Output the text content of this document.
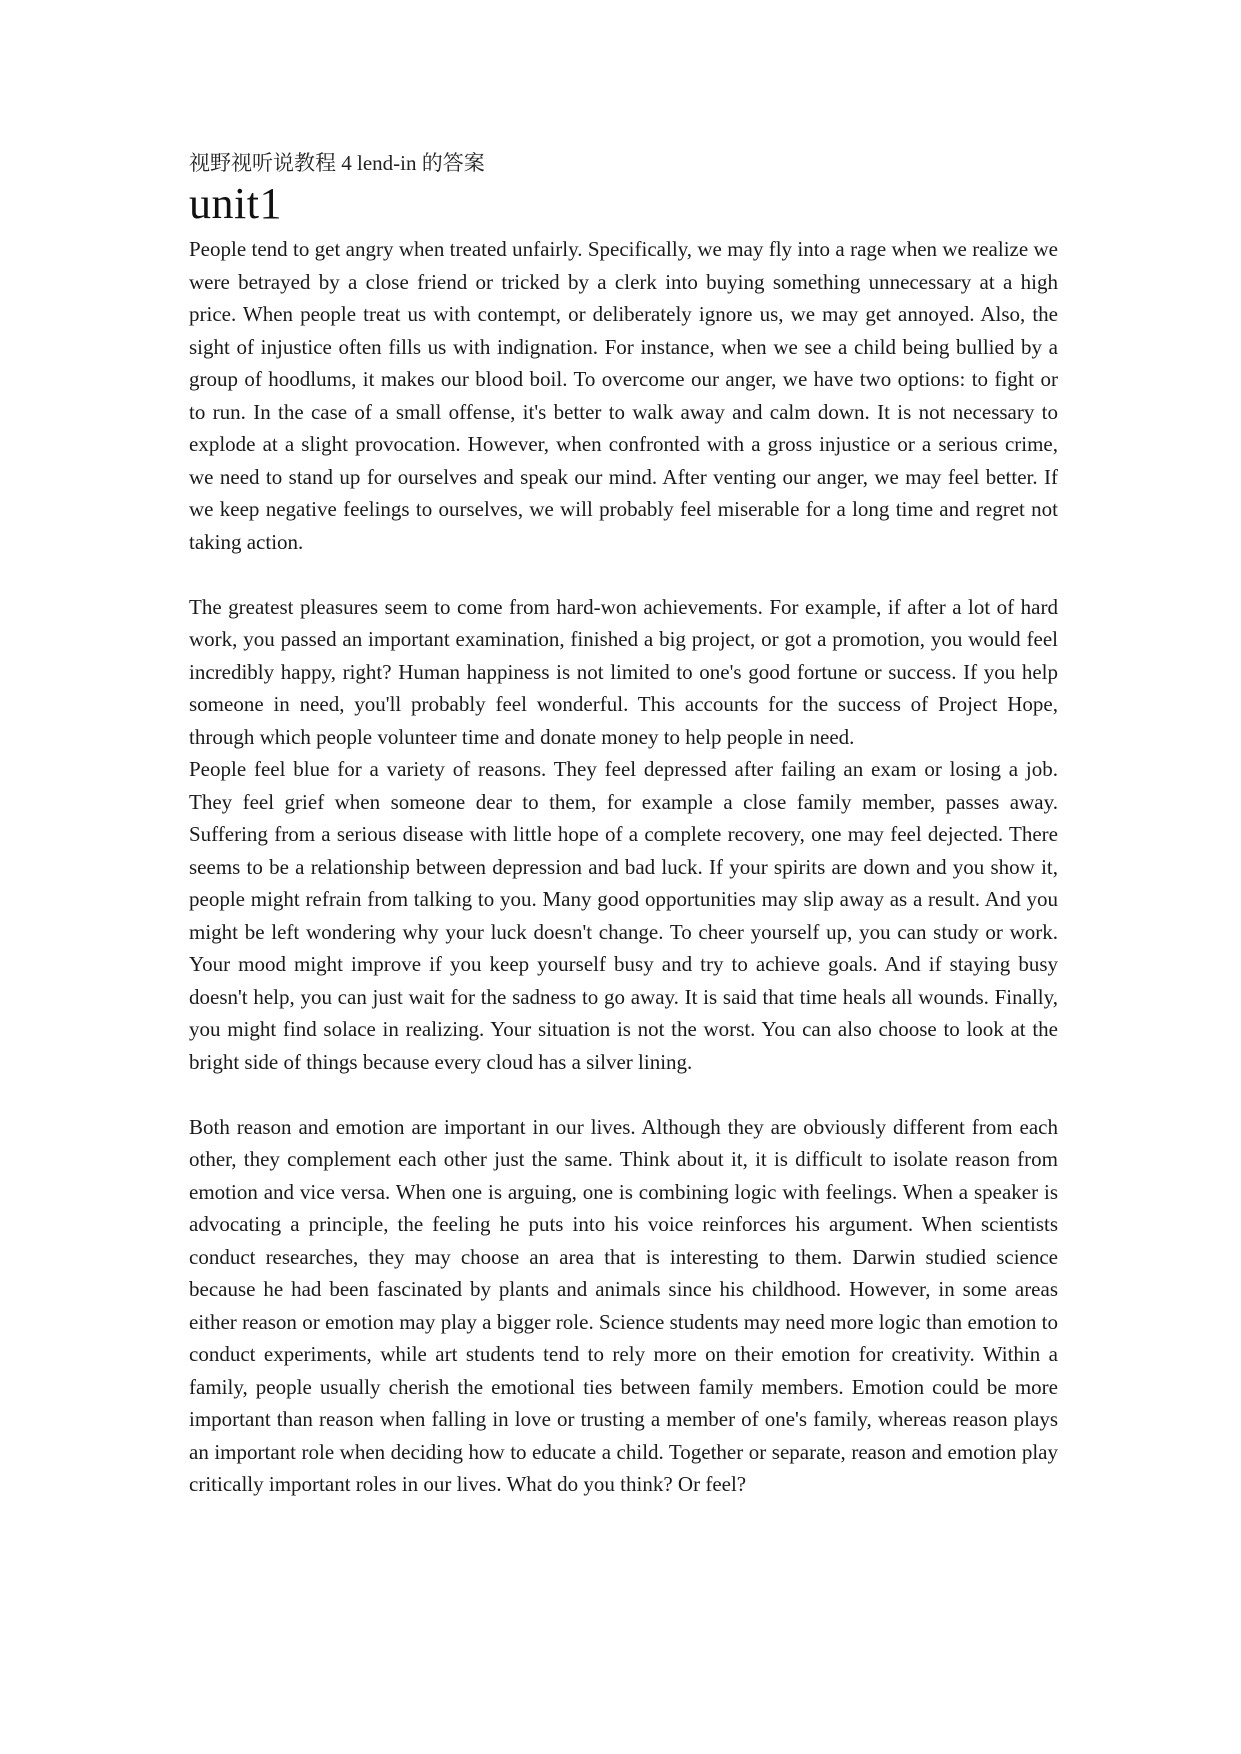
视野视听说教程 4 lend-in 的答案

unit1

People tend to get angry when treated unfairly. Specifically, we may fly into a rage when we realize we were betrayed by a close friend or tricked by a clerk into buying something unnecessary at a high price. When people treat us with contempt, or deliberately ignore us, we may get annoyed. Also, the sight of injustice often fills us with indignation. For instance, when we see a child being bullied by a group of hoodlums, it makes our blood boil. To overcome our anger, we have two options: to fight or to run. In the case of a small offense, it's better to walk away and calm down. It is not necessary to explode at a slight provocation. However, when confronted with a gross injustice or a serious crime, we need to stand up for ourselves and speak our mind. After venting our anger, we may feel better. If we keep negative feelings to ourselves, we will probably feel miserable for a long time and regret not taking action.

The greatest pleasures seem to come from hard-won achievements. For example, if after a lot of hard work, you passed an important examination, finished a big project, or got a promotion, you would feel incredibly happy, right? Human happiness is not limited to one's good fortune or success. If you help someone in need, you'll probably feel wonderful. This accounts for the success of Project Hope, through which people volunteer time and donate money to help people in need.

People feel blue for a variety of reasons. They feel depressed after failing an exam or losing a job. They feel grief when someone dear to them, for example a close family member, passes away. Suffering from a serious disease with little hope of a complete recovery, one may feel dejected. There seems to be a relationship between depression and bad luck. If your spirits are down and you show it, people might refrain from talking to you. Many good opportunities may slip away as a result. And you might be left wondering why your luck doesn't change. To cheer yourself up, you can study or work. Your mood might improve if you keep yourself busy and try to achieve goals. And if staying busy doesn't help, you can just wait for the sadness to go away. It is said that time heals all wounds. Finally, you might find solace in realizing. Your situation is not the worst. You can also choose to look at the bright side of things because every cloud has a silver lining.

Both reason and emotion are important in our lives. Although they are obviously different from each other, they complement each other just the same. Think about it, it is difficult to isolate reason from emotion and vice versa. When one is arguing, one is combining logic with feelings. When a speaker is advocating a principle, the feeling he puts into his voice reinforces his argument. When scientists conduct researches, they may choose an area that is interesting to them. Darwin studied science because he had been fascinated by plants and animals since his childhood. However, in some areas either reason or emotion may play a bigger role. Science students may need more logic than emotion to conduct experiments, while art students tend to rely more on their emotion for creativity. Within a family, people usually cherish the emotional ties between family members. Emotion could be more important than reason when falling in love or trusting a member of one's family, whereas reason plays an important role when deciding how to educate a child. Together or separate, reason and emotion play critically important roles in our lives. What do you think? Or feel?
